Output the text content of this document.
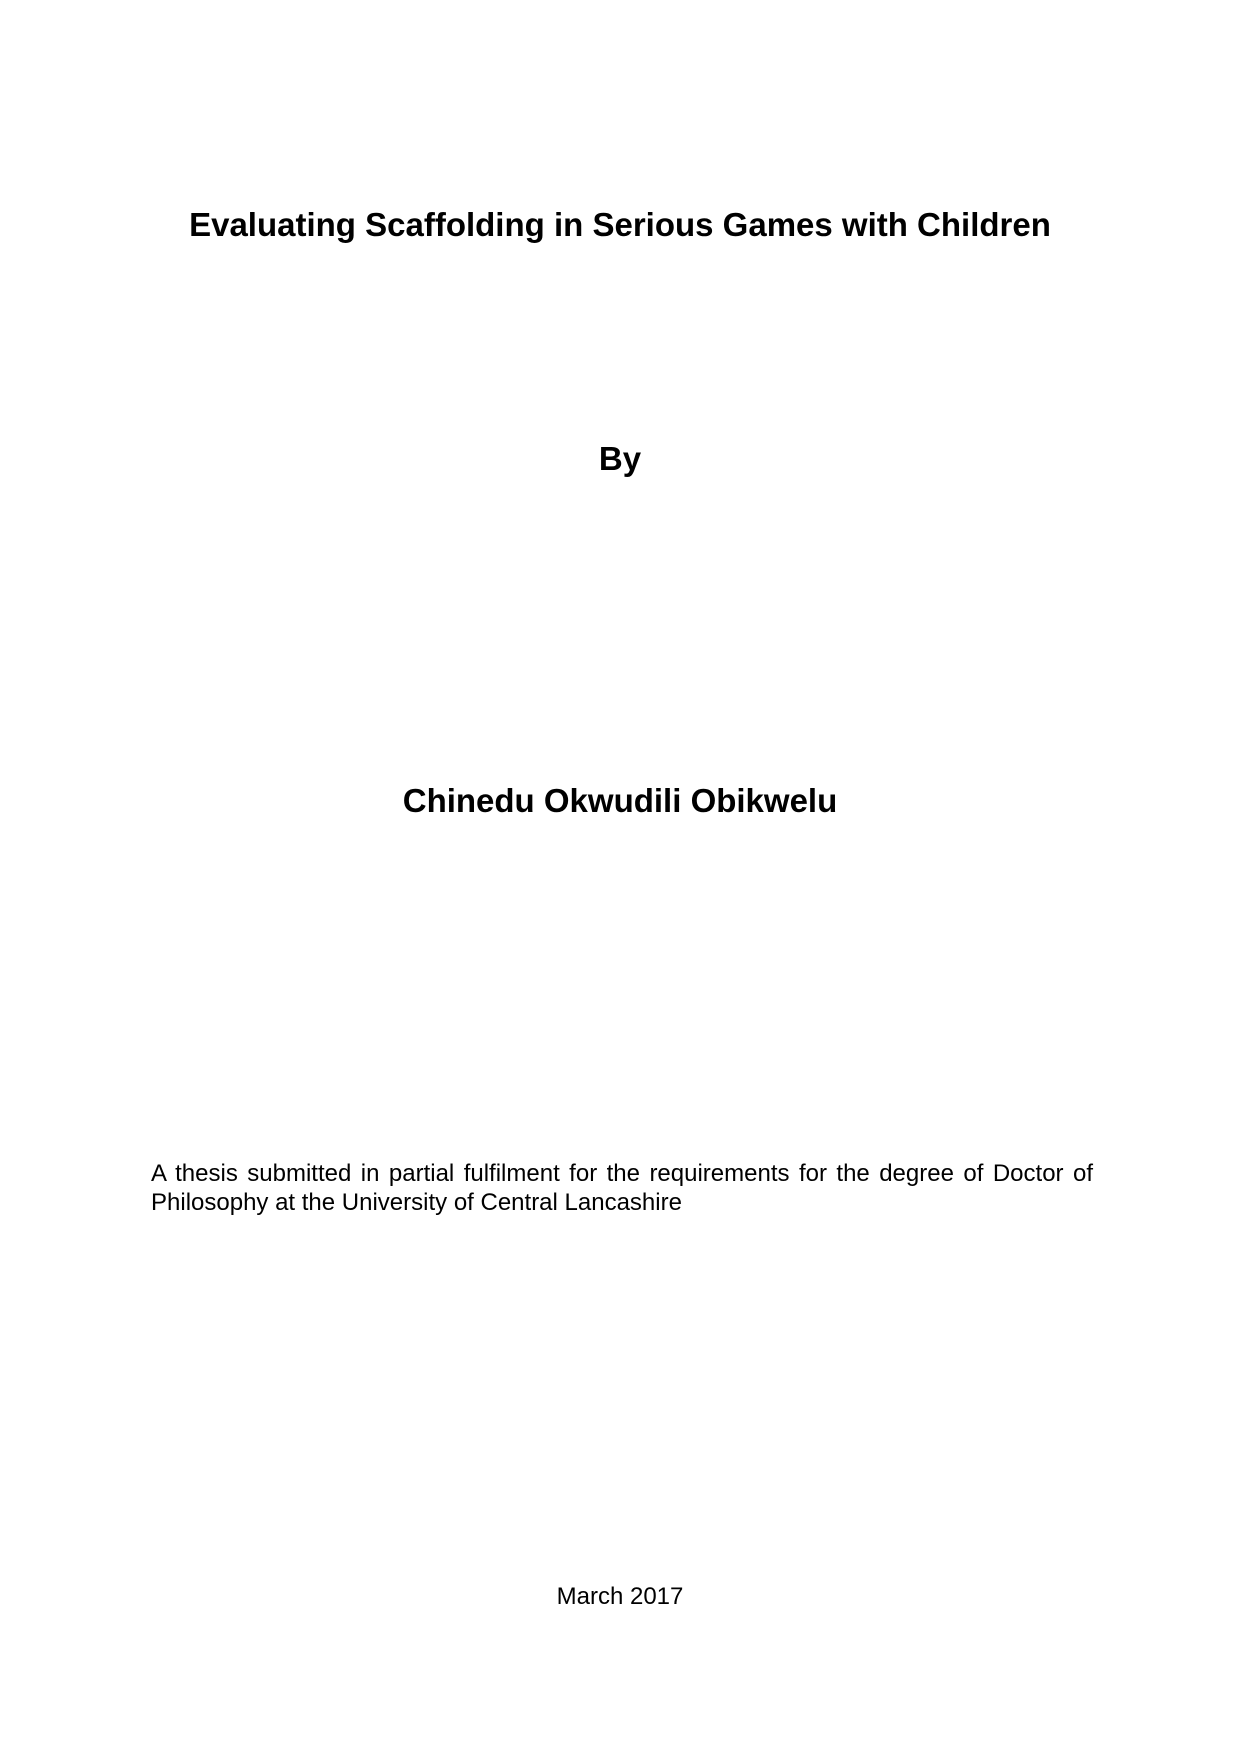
Evaluating Scaffolding in Serious Games with Children
By
Chinedu Okwudili Obikwelu
A thesis submitted in partial fulfilment for the requirements for the degree of Doctor of Philosophy at the University of Central Lancashire
March 2017
